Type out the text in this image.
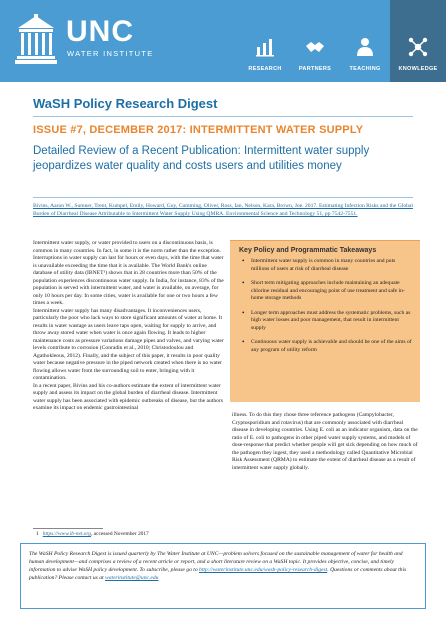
UNC
WATER INSTITUTE
RESEARCH	PARTNERS	TEACHING	KNOWLEDGE
WaSH Policy Research Digest
ISSUE #7, DECEMBER 2017: INTERMITTENT WATER SUPPLY
Detailed Review of a Recent Publication: Intermittent water supply jeopardizes water quality and costs users and utilities money
Bivins, Aaron W., Sumner, Trent, Kumpel, Emily, Howard, Guy, Cumming, Oliver, Ross, Ian, Nelson, Kara, Brown, Joe. 2017. Estimating Infection Risks and the Global Burden of Diarrheal Disease Attributable to Intermittent Water Supply Using QMRA. Environmental Science and Technology 51, pp 7542-7551.

Intermittent water supply, or water provided to users on a discontinuous basis, is common in many countries. In fact, in some it is the norm rather than the exception. Interruptions in water supply can last for hours or even days, with the time that water is unavailable exceeding the time that it is available. The World Bank's online database of utility data (IBNET¹) shows that in 28 countries more than 50% of the population experiences discontinuous water supply. In India, for instance, 83% of the population is served with intermittent water, and water is available, on average, for only 10 hours per day. In some cities, water is available for one or two hours a few times a week.

Intermittent water supply has many disadvantages. It inconveniences users, particularly the poor who lack ways to store significant amounts of water at home. It results in water wastage as users leave taps open, waiting for supply to arrive, and throw away stored water when water is once again flowing. It leads to higher maintenance costs as pressure variations damage pipes and valves, and varying water levels contribute to corrosion (Conradin et al., 2010; Christodoulou and Agathokleous, 2012). Finally, and the subject of this paper, it results in poor quality water because negative pressure in the piped network created when there is no water flowing allows water from the surrounding soil to enter, bringing with it contamination.

In a recent paper, Bivins and his co-authors estimate the extent of intermittent water supply and assess its impact on the global burden of diarrheal disease. Intermittent water supply has been associated with epidemic outbreaks of disease, but the authors examine its impact on endemic gastrointestinal

Key Policy and Programmatic Takeaways
• Intermittent water supply is common in many countries and puts millions of users at risk of diarrheal disease
• Short term mitigating approaches include maintaining an adequate chlorine residual and encouraging point of use treatment and safe in-home storage methods
• Longer term approaches must address the systematic problems, such as high water losses and poor management, that result in intermittent supply
• Continuous water supply is achievable and should be one of the aims of any program of utility reform

illness. To do this they chose three reference pathogens (Campylobacter, Cryptosporidium and rotavirus) that are commonly associated with diarrheal disease in developing countries. Using E. coli as an indicator organism, data on the ratio of E. coli to pathogens in other piped water supply systems, and models of dose-response that predict whether people will get sick depending on how much of the pathogen they ingest, they used a methodology called Quantitative Microbial Risk Assessment (QRMA) to estimate the extent of diarrheal disease as a result of intermittent water supply globally.

1 https://www.ib-net.org, accessed November 2017

The WaSH Policy Research Digest is issued quarterly by The Water Institute at UNC—problem solvers focused on the sustainable management of water for health and human development—and comprises a review of a recent article or report, and a short literature review on a WaSH topic. It provides objective, concise, and timely information to advise WaSH policy development. To subscribe, please go to http://waterinstitute.unc.edu/wash-policy-research-digest. Questions or comments about this publication? Please contact us at waterinstitute@unc.edu
